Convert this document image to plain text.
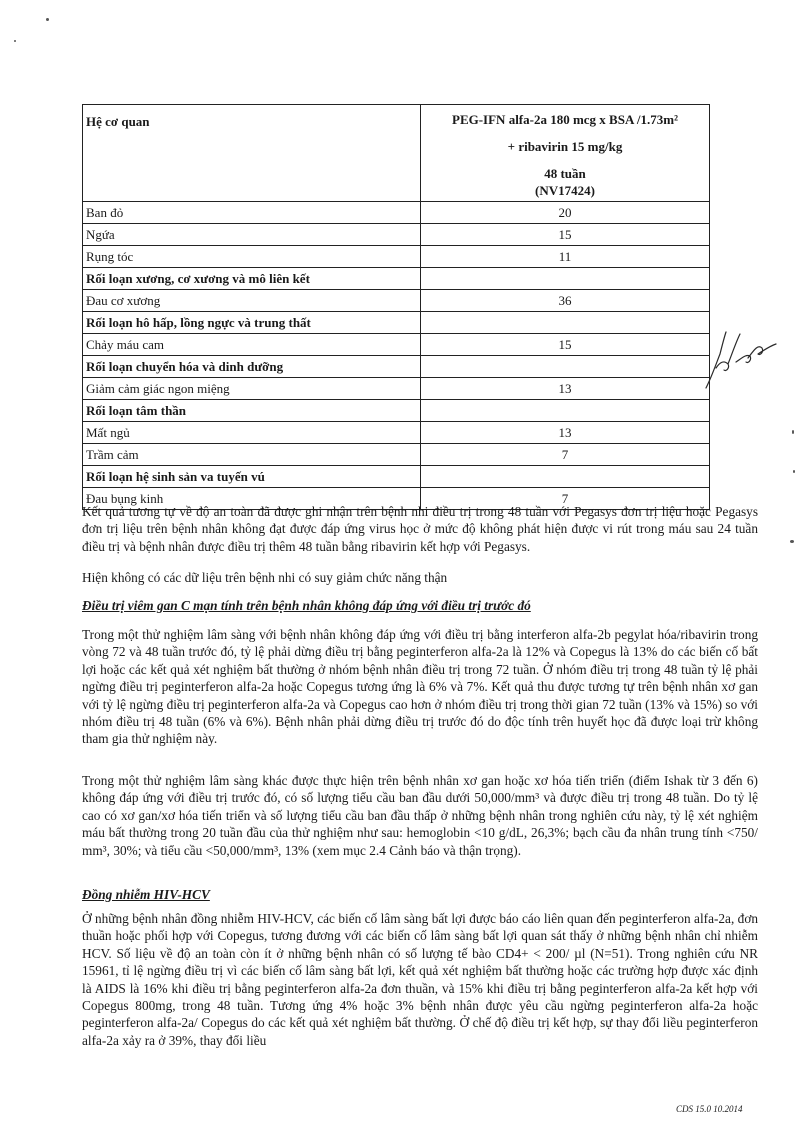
Hệ cơ quan	PEG-IFN alfa-2a 180 mcg x BSA /1.73m²
+ ribavirin 15 mg/kg
48 tuần
(NV17424)
Ban đỏ	20
Ngứa	15
Rụng tóc	11
Rối loạn xương, cơ xương và mô liên kết
Đau cơ xương	36
Rối loạn hô hấp, lồng ngực và trung thất
Chảy máu cam	15
Rối loạn chuyển hóa và dinh dưỡng
Giảm cảm giác ngon miệng	13
Rối loạn tâm thần
Mất ngủ	13
Trầm cảm	7
Rối loạn hệ sinh sản va tuyến vú
Đau bụng kinh	7

Kết quả tương tự về độ an toàn đã được ghi nhận trên bệnh nhi điều trị trong 48 tuần với Pegasys đơn trị liệu hoặc Pegasys đơn trị liệu trên bệnh nhân không đạt được đáp ứng virus học ở mức độ không phát hiện được vi rút trong máu sau 24 tuần điều trị và bệnh nhân được điều trị thêm 48 tuần bằng ribavirin kết hợp với Pegasys.

Hiện không có các dữ liệu trên bệnh nhi có suy giảm chức năng thận

Điều trị viêm gan C mạn tính trên bệnh nhân không đáp ứng với điều trị trước đó

Trong một thử nghiệm lâm sàng với bệnh nhân không đáp ứng với điều trị bằng interferon alfa-2b pegylat hóa/ribavirin trong vòng 72 và 48 tuần trước đó, tỷ lệ phải dừng điều trị bằng peginterferon alfa-2a là 12% và Copegus là 13% do các biến cố bất lợi hoặc các kết quả xét nghiệm bất thường ở nhóm bệnh nhân điều trị trong 72 tuần. Ở nhóm điều trị trong 48 tuần tỷ lệ phải ngừng điều trị peginterferon alfa-2a hoặc Copegus tương ứng là 6% và 7%. Kết quả thu được tương tự trên bệnh nhân xơ gan với tỷ lệ ngừng điều trị peginterferon alfa-2a và Copegus cao hơn ở nhóm điều trị trong thời gian 72 tuần (13% và 15%) so với nhóm điều trị 48 tuần (6% và 6%). Bệnh nhân phải dừng điều trị trước đó do độc tính trên huyết học đã được loại trừ không tham gia thử nghiệm này.

Trong một thử nghiệm lâm sàng khác được thực hiện trên bệnh nhân xơ gan hoặc xơ hóa tiến triển (điểm Ishak từ 3 đến 6) không đáp ứng với điều trị trước đó, có số lượng tiểu cầu ban đầu dưới 50,000/mm³ và được điều trị trong 48 tuần. Do tỷ lệ cao có xơ gan/xơ hóa tiến triển và số lượng tiểu cầu ban đầu thấp ở những bệnh nhân trong nghiên cứu này, tỷ lệ xét nghiệm máu bất thường trong 20 tuần đầu của thử nghiệm như sau: hemoglobin <10 g/dL, 26,3%; bạch cầu đa nhân trung tính <750/ mm³, 30%; và tiểu cầu <50,000/mm³, 13% (xem mục 2.4 Cảnh báo và thận trọng).

Đồng nhiễm HIV-HCV

Ở những bệnh nhân đồng nhiễm HIV-HCV, các biến cố lâm sàng bất lợi được báo cáo liên quan đến peginterferon alfa-2a, đơn thuần hoặc phối hợp với Copegus, tương đương với các biến cố lâm sàng bất lợi quan sát thấy ở những bệnh nhân chỉ nhiễm HCV. Số liệu về độ an toàn còn ít ở những bệnh nhân có số lượng tế bào CD4+ < 200/ µl (N=51). Trong nghiên cứu NR 15961, tỉ lệ ngừng điều trị vì các biến cố lâm sàng bất lợi, kết quả xét nghiệm bất thường hoặc các trường hợp được xác định là AIDS là 16% khi điều trị bằng peginterferon alfa-2a đơn thuần, và 15% khi điều trị bằng peginterferon alfa-2a kết hợp với Copegus 800mg, trong 48 tuần. Tương ứng 4% hoặc 3% bệnh nhân được yêu cầu ngừng peginterferon alfa-2a hoặc peginterferon alfa-2a/ Copegus do các kết quả xét nghiệm bất thường. Ở chế độ điều trị kết hợp, sự thay đổi liều peginterferon alfa-2a xảy ra ở 39%, thay đổi liều

CDS 15.0 10.2014
